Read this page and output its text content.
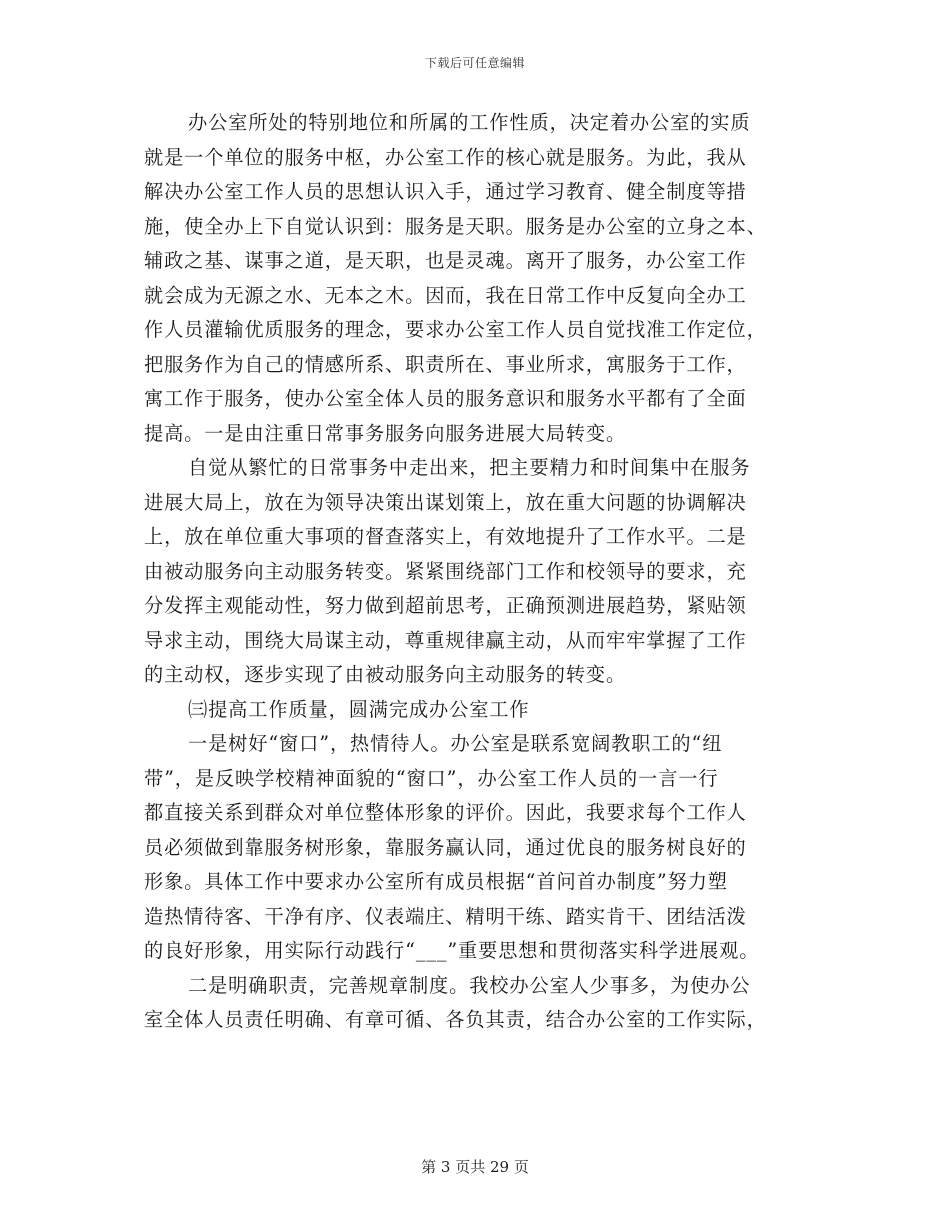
下载后可任意编辑
办公室所处的特别地位和所属的工作性质，决定着办公室的实质
就是一个单位的服务中枢，办公室工作的核心就是服务。为此，我从
解决办公室工作人员的思想认识入手，通过学习教育、健全制度等措
施，使全办上下自觉认识到：服务是天职。服务是办公室的立身之本、
辅政之基、谋事之道，是天职，也是灵魂。离开了服务，办公室工作
就会成为无源之水、无本之木。因而，我在日常工作中反复向全办工
作人员灌输优质服务的理念，要求办公室工作人员自觉找准工作定位，
把服务作为自己的情感所系、职责所在、事业所求，寓服务于工作，
寓工作于服务，使办公室全体人员的服务意识和服务水平都有了全面
提高。一是由注重日常事务服务向服务进展大局转变。
自觉从繁忙的日常事务中走出来，把主要精力和时间集中在服务
进展大局上，放在为领导决策出谋划策上，放在重大问题的协调解决
上，放在单位重大事项的督查落实上，有效地提升了工作水平。二是
由被动服务向主动服务转变。紧紧围绕部门工作和校领导的要求，充
分发挥主观能动性，努力做到超前思考，正确预测进展趋势，紧贴领
导求主动，围绕大局谋主动，尊重规律赢主动，从而牢牢掌握了工作
的主动权，逐步实现了由被动服务向主动服务的转变。
㈢提高工作质量，圆满完成办公室工作
一是树好“窗口”，热情待人。办公室是联系宽阔教职工的“纽
带”，是反映学校精神面貌的“窗口”，办公室工作人员的一言一行
都直接关系到群众对单位整体形象的评价。因此，我要求每个工作人
员必须做到靠服务树形象，靠服务赢认同，通过优良的服务树良好的
形象。具体工作中要求办公室所有成员根据“首问首办制度”努力塑
造热情待客、干净有序、仪表端庄、精明干练、踏实肯干、团结活泼
的良好形象，用实际行动践行“___”重要思想和贯彻落实科学进展观。
二是明确职责，完善规章制度。我校办公室人少事多，为使办公
室全体人员责任明确、有章可循、各负其责，结合办公室的工作实际，
第 3 页共 29 页
